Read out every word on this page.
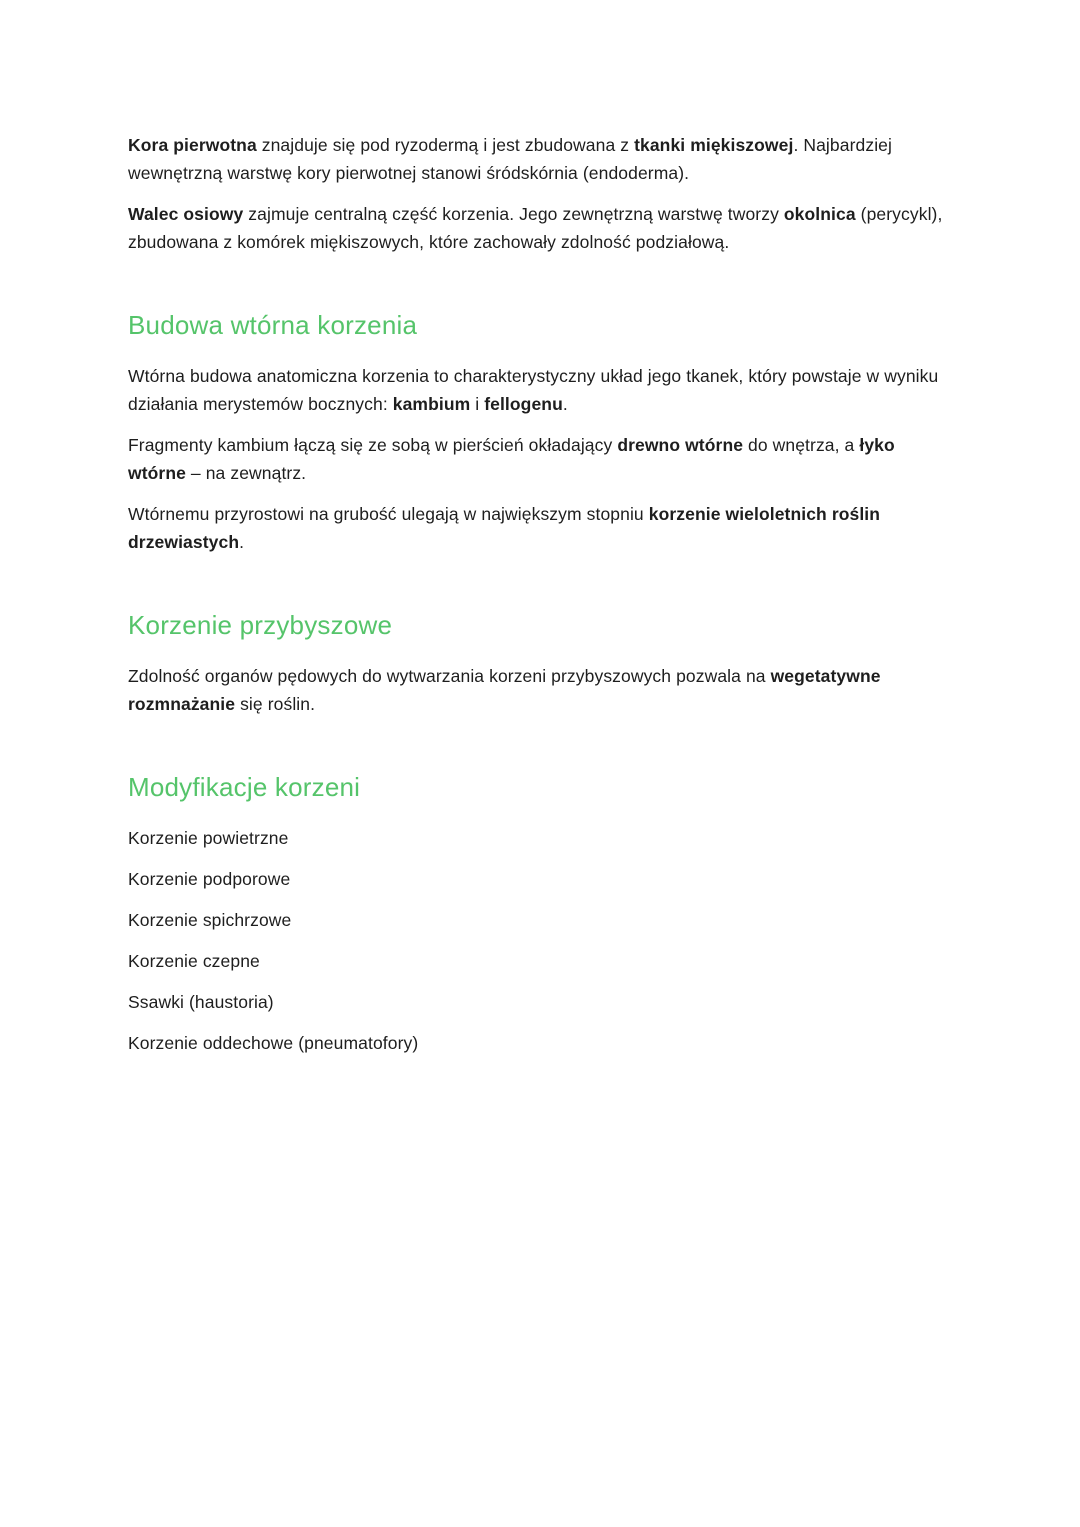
Kora pierwotna znajduje się pod ryzodermą i jest zbudowana z tkanki miękiszowej. Najbardziej wewnętrzną warstwę kory pierwotnej stanowi śródskórnia (endoderma).

Walec osiowy zajmuje centralną część korzenia. Jego zewnętrzną warstwę tworzy okolnica (perycykl), zbudowana z komórek miękiszowych, które zachowały zdolność podziałową.

Budowa wtórna korzenia

Wtórna budowa anatomiczna korzenia to charakterystyczny układ jego tkanek, który powstaje w wyniku działania merystemów bocznych: kambium i fellogenu.

Fragmenty kambium łączą się ze sobą w pierścień okładający drewno wtórne do wnętrza, a łyko wtórne – na zewnątrz.

Wtórnemu przyrostowi na grubość ulegają w największym stopniu korzenie wieloletnich roślin drzewiastych.

Korzenie przybyszowe

Zdolność organów pędowych do wytwarzania korzeni przybyszowych pozwala na wegetatywne rozmnażanie się roślin.

Modyfikacje korzeni

Korzenie powietrzne

Korzenie podporowe

Korzenie spichrzowe

Korzenie czepne

Ssawki (haustoria)

Korzenie oddechowe (pneumatofory)
